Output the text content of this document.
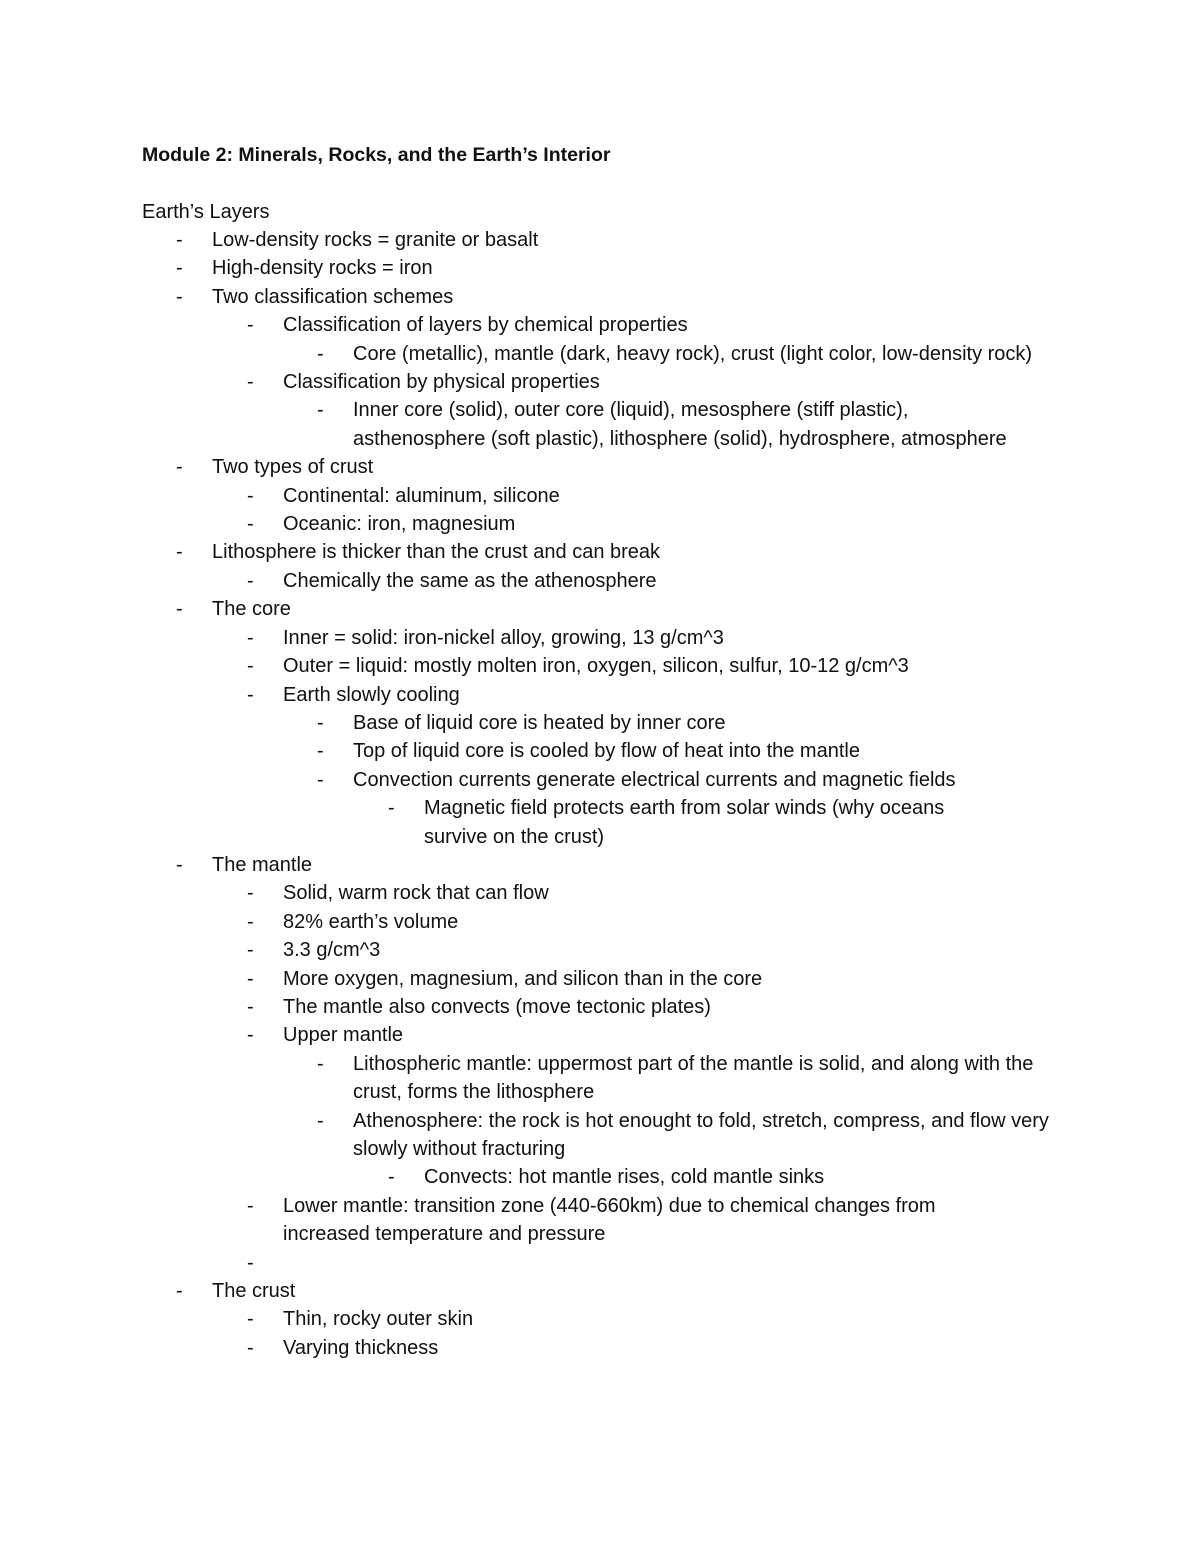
Module 2: Minerals, Rocks, and the Earth’s Interior
Earth’s Layers
- Low-density rocks = granite or basalt
- High-density rocks = iron
- Two classification schemes
- Classification of layers by chemical properties
- Core (metallic), mantle (dark, heavy rock), crust (light color, low-density rock)
- Classification by physical properties
- Inner core (solid), outer core (liquid), mesosphere (stiff plastic), asthenosphere (soft plastic), lithosphere (solid), hydrosphere, atmosphere
- Two types of crust
- Continental: aluminum, silicone
- Oceanic: iron, magnesium
- Lithosphere is thicker than the crust and can break
- Chemically the same as the athenosphere
- The core
- Inner = solid: iron-nickel alloy, growing, 13 g/cm^3
- Outer = liquid: mostly molten iron, oxygen, silicon, sulfur, 10-12 g/cm^3
- Earth slowly cooling
- Base of liquid core is heated by inner core
- Top of liquid core is cooled by flow of heat into the mantle
- Convection currents generate electrical currents and magnetic fields
- Magnetic field protects earth from solar winds (why oceans survive on the crust)
- The mantle
- Solid, warm rock that can flow
- 82% earth’s volume
- 3.3 g/cm^3
- More oxygen, magnesium, and silicon than in the core
- The mantle also convects (move tectonic plates)
- Upper mantle
- Lithospheric mantle: uppermost part of the mantle is solid, and along with the crust, forms the lithosphere
- Athenosphere: the rock is hot enought to fold, stretch, compress, and flow very slowly without fracturing
- Convects: hot mantle rises, cold mantle sinks
- Lower mantle: transition zone (440-660km) due to chemical changes from increased temperature and pressure
-
- The crust
- Thin, rocky outer skin
- Varying thickness
